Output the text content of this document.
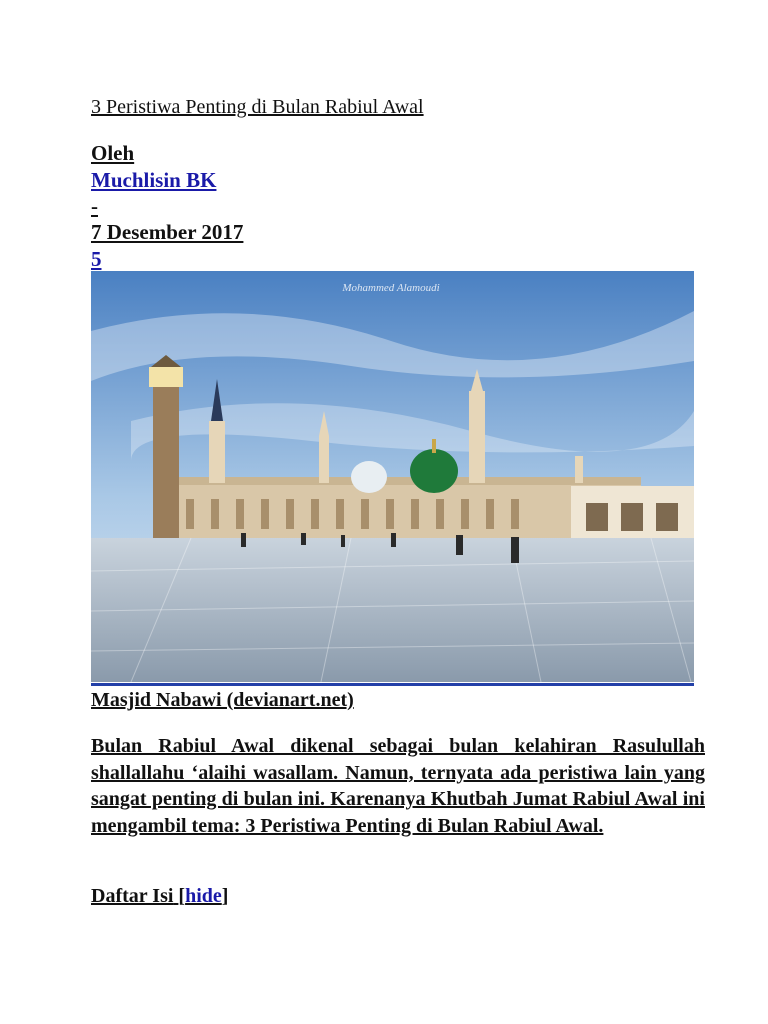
3 Peristiwa Penting di Bulan Rabiul Awal
Oleh
Muchlisin BK
-
7 Desember 2017
5
Mohammed Alamoudi
Masjid Nabawi (devianart.net)

Bulan Rabiul Awal dikenal sebagai bulan kelahiran Rasulullah shallallahu ‘alaihi wasallam. Namun, ternyata ada peristiwa lain yang sangat penting di bulan ini. Karenanya Khutbah Jumat Rabiul Awal ini mengambil tema: 3 Peristiwa Penting di Bulan Rabiul Awal.

Daftar Isi [hide]
